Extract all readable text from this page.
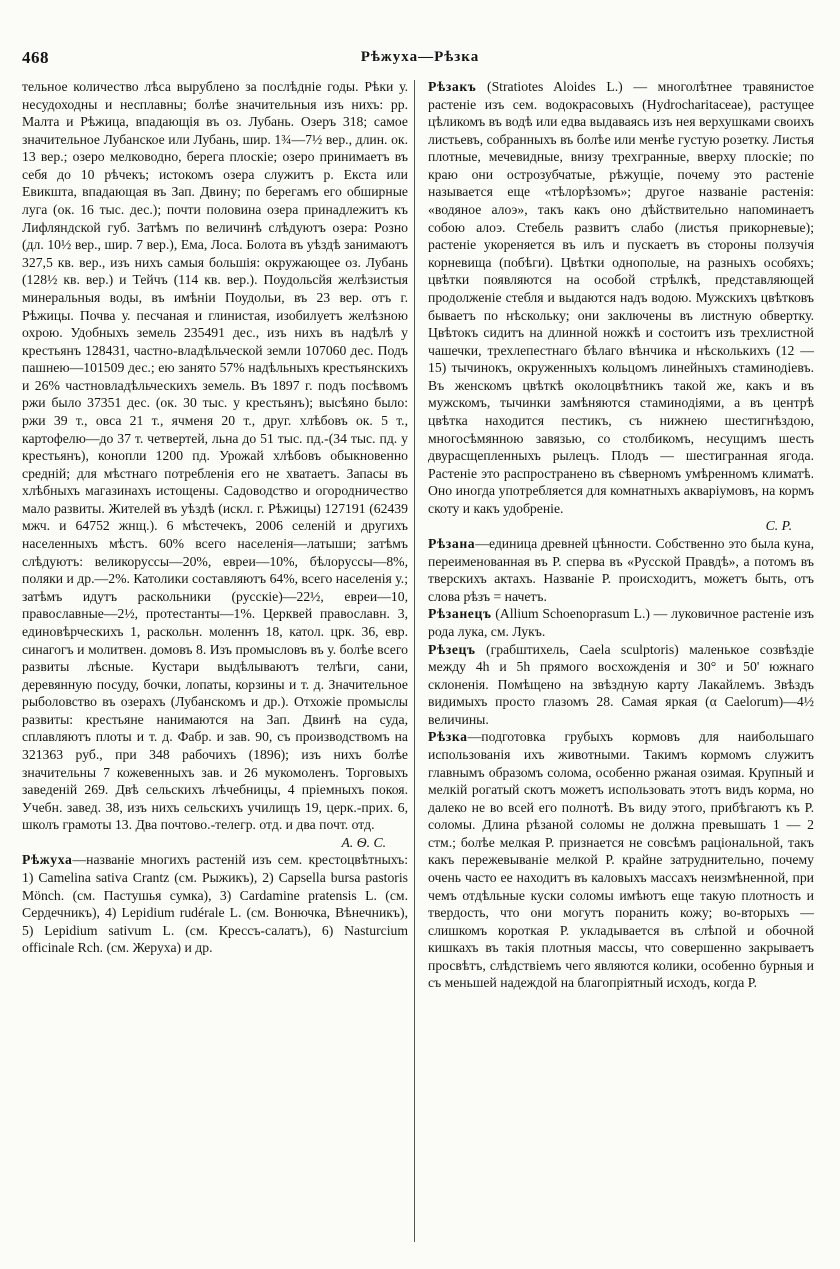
468	Рѣжуха—Рѣзка

тельное количество лѣса вырублено за послѣдніе годы. Рѣки у. несудоходны и несплавны; болѣе значительныя изъ нихъ: рр. Малта и Рѣжица, впадающія въ оз. Лубань. Озеръ 318; самое значительное Лубанское или Лубань, шир. 1¾—7½ вер., длин. ок. 13 вер.; озеро мелководно, берега плоскіе; озеро принимаетъ въ себя до 10 рѣчекъ; истокомъ озера служитъ р. Екста или Евикшта, впадающая въ Зап. Двину; по берегамъ его обширные луга (ок. 16 тыс. дес.); почти половина озера принадлежитъ къ Лифляндской губ. Затѣмъ по величинѣ слѣдуютъ озера: Розно (дл. 10½ вер., шир. 7 вер.), Ема, Лоса. Болота въ уѣздѣ занимаютъ 327,5 кв. вер., изъ нихъ самыя большія: окружающее оз. Лубань (128½ кв. вер.) и Тейчъ (114 кв. вер.). Поудольсйя желѣзистыя минеральныя воды, въ имѣніи Поудольи, въ 23 вер. отъ г. Рѣжицы. Почва у. песчаная и глинистая, изобилуетъ желѣзною охрою. Удобныхъ земель 235491 дес., изъ нихъ въ надѣлѣ у крестьянъ 128431, частно-владѣльческой земли 107060 дес. Подъ пашнею—101509 дес.; ею занято 57% надѣльныхъ крестьянскихъ и 26% частновладѣльческихъ земель. Въ 1897 г. подъ посѣвомъ ржи было 37351 дес. (ок. 30 тыс. у крестьянъ); высѣяно было: ржи 39 т., овса 21 т., ячменя 20 т., друг. хлѣбовъ ок. 5 т., картофелю—до 37 т. четвертей, льна до 51 тыс. пд.-(34 тыс. пд. у крестьянъ), конопли 1200 пд. Урожай хлѣбовъ обыкновенно средній; для мѣстнаго потребленія его не хватаетъ. Запасы въ хлѣбныхъ магазинахъ истощены. Садоводство и огородничество мало развиты. Жителей въ уѣздѣ (искл. г. Рѣжицы) 127191 (62439 мжч. и 64752 жнщ.). 6 мѣстечекъ, 2006 селеній и другихъ населенныхъ мѣстъ. 60% всего населенія—латыши; затѣмъ слѣдуютъ: великоруссы—20%, евреи—10%, бѣлоруссы—8%, поляки и др.—2%. Католики составляютъ 64%, всего населенія у.; затѣмъ идутъ раскольники (русскіе)—22½, евреи—10, православные—2½, протестанты—1%. Церквей православн. 3, единовѣрческихъ 1, раскольн. моленнъ 18, катол. црк. 36, евр. синагогъ и молитвен. домовъ 8. Изъ промысловъ въ у. болѣе всего развиты лѣсные. Кустари выдѣлываютъ телѣги, сани, деревянную посуду, бочки, лопаты, корзины и т. д. Значительное рыболовство въ озерахъ (Лубанскомъ и др.). Отхожіе промыслы развиты: крестьяне нанимаются на Зап. Двинѣ на суда, сплавляютъ плоты и т. д. Фабр. и зав. 90, съ производствомъ на 321363 руб., при 348 рабочихъ (1896); изъ нихъ болѣе значительны 7 кожевенныхъ зав. и 26 мукомоленъ. Торговыхъ заведеній 269. Двѣ сельскихъ лѣчебницы, 4 пріемныхъ покоя. Учебн. завед. 38, изъ нихъ сельскихъ училищъ 19, церк.-прих. 6, школъ грамоты 13. Два почтово.-телегр. отд. и два почт. отд.
А. Ѳ. С.

Рѣжуха—названіе многихъ растеній изъ сем. крестоцвѣтныхъ: 1) Camelina sativa Crantz (см. Рыжикъ), 2) Capsella bursa pastoris Mönch. (см. Пастушья сумка), 3) Cardamine pratensis L. (см. Сердечникъ), 4) Lepidium rudérale L. (см. Вонючка, Вѣнечникъ), 5) Lepidium sativum L. (см. Крессъ-салатъ), 6) Nasturcium officinale Rch. (см. Жеруха) и др.

Рѣзакъ (Stratiotes Aloides L.) — многолѣтнее травянистое растеніе изъ сем. водокрасовыхъ (Hydrocharitaceae), растущее цѣликомъ въ водѣ или едва выдаваясь изъ нея верхушками своихъ листьевъ, собранныхъ въ болѣе или менѣе густую розетку. Листья плотные, мечевидные, внизу трехгранные, вверху плоскіе; по краю они острозубчатые, рѣжущіе, почему это растеніе называется еще «тѣлорѣзомъ»; другое названіе растенія: «водяное алоэ», такъ какъ оно дѣйствительно напоминаетъ собою алоэ. Стебель развитъ слабо (листья прикорневые); растеніе укореняется въ илъ и пускаетъ въ стороны ползучія корневища (побѣги). Цвѣтки однополые, на разныхъ особяхъ; цвѣтки появляются на особой стрѣлкѣ, представляющей продолженіе стебля и выдаются надъ водою. Мужскихъ цвѣтковъ бываетъ по нѣскольку; они заключены въ листную обвертку. Цвѣтокъ сидитъ на длинной ножкѣ и состоитъ изъ трехлистной чашечки, трехлепестнаго бѣлаго вѣнчика и нѣсколькихъ (12 — 15) тычинокъ, окруженныхъ кольцомъ линейныхъ стаминодіевъ. Въ женскомъ цвѣткѣ околоцвѣтникъ такой же, какъ и въ мужскомъ, тычинки замѣняются стаминодіями, а въ центрѣ цвѣтка находится пестикъ, съ нижнею шестигнѣздою, многосѣмянною завязью, со столбикомъ, несущимъ шесть двурасщепленныхъ рылецъ. Плодъ — шестигранная ягода. Растеніе это распространено въ сѣверномъ умѣренномъ климатѣ. Оно иногда употребляется для комнатныхъ акваріумовъ, на кормъ скоту и какъ удобреніе.
С. Р.

Рѣзана—единица древней цѣнности. Собственно это была куна, переименованная въ Р. сперва въ «Русской Правдѣ», а потомъ въ тверскихъ актахъ. Названіе Р. происходитъ, можетъ быть, отъ слова рѣзъ = начетъ.

Рѣзанецъ (Allium Schoenoprasum L.) — луковичное растеніе изъ рода лука, см. Лукъ.

Рѣзецъ (грабштихель, Caela sculptoris) маленькое созвѣздіе между 4h и 5h прямого восхожденія и 30° и 50' южнаго склоненія. Помѣщено на звѣздную карту Лакайлемъ. Звѣздъ видимыхъ просто глазомъ 28. Самая яркая (α Caelorum)—4½ величины.

Рѣзка—подготовка грубыхъ кормовъ для наибольшаго использованія ихъ животными. Такимъ кормомъ служитъ главнымъ образомъ солома, особенно ржаная озимая. Крупный и мелкій рогатый скотъ можетъ использовать этотъ видъ корма, но далеко не во всей его полнотѣ. Въ виду этого, прибѣгаютъ къ Р. соломы. Длина рѣзаной соломы не должна превышать 1 — 2 стм.; болѣе мелкая Р. признается не совсѣмъ раціональной, такъ какъ пережевываніе мелкой Р. крайне затруднительно, почему очень часто ее находитъ въ каловыхъ массахъ неизмѣненной, при чемъ отдѣльные куски соломы имѣютъ еще такую плотность и твердость, что они могутъ поранить кожу; во-вторыхъ — слишкомъ короткая Р. укладывается въ слѣпой и обочной кишкахъ въ такія плотныя массы, что совершенно закрываетъ просвѣтъ, слѣдствіемъ чего являются колики, особенно бурныя и съ меньшей надеждой на благопріятный исходъ, когда Р.
